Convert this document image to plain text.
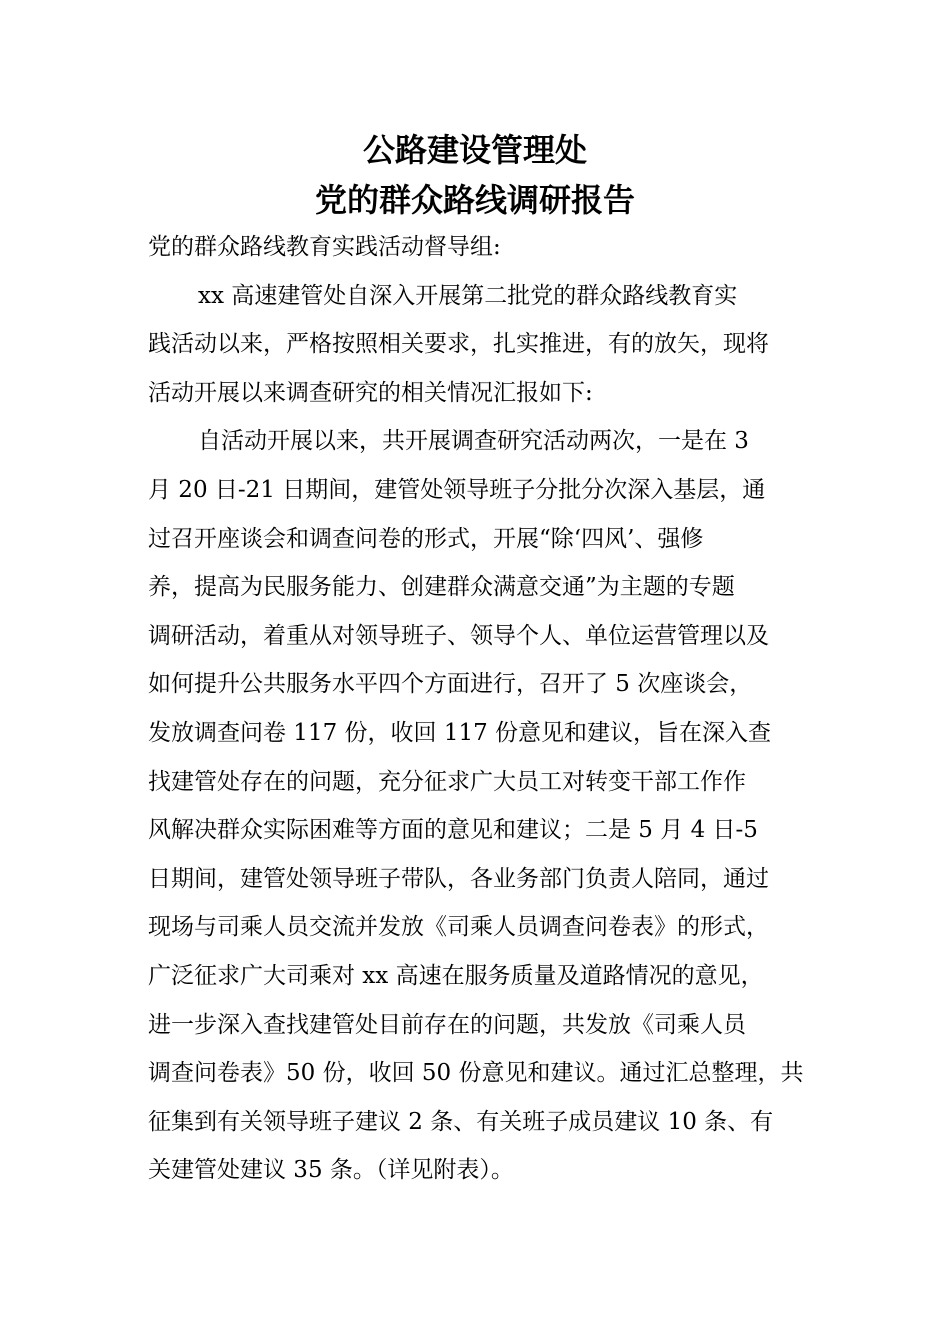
公路建设管理处
党的群众路线调研报告

党的群众路线教育实践活动督导组:

xx 高速建管处自深入开展第二批党的群众路线教育实

践活动以来，严格按照相关要求，扎实推进，有的放矢，现将

活动开展以来调查研究的相关情况汇报如下:

自活动开展以来，共开展调查研究活动两次，一是在 3

月 20 日-21 日期间，建管处领导班子分批分次深入基层，通

过召开座谈会和调查问卷的形式，开展“除‘四风’、强修

养，提高为民服务能力、创建群众满意交通”为主题的专题

调研活动，着重从对领导班子、领导个人、单位运营管理以及

如何提升公共服务水平四个方面进行，召开了 5 次座谈会，

发放调查问卷 117 份，收回 117 份意见和建议，旨在深入查

找建管处存在的问题，充分征求广大员工对转变干部工作作

风解决群众实际困难等方面的意见和建议；二是 5 月 4 日-5

日期间，建管处领导班子带队，各业务部门负责人陪同，通过

现场与司乘人员交流并发放《司乘人员调查问卷表》的形式，

广泛征求广大司乘对 xx 高速在服务质量及道路情况的意见，

进一步深入查找建管处目前存在的问题，共发放《司乘人员

调查问卷表》50 份，收回 50 份意见和建议。通过汇总整理，共

征集到有关领导班子建议 2 条、有关班子成员建议 10 条、有

关建管处建议 35 条。（详见附表）。
